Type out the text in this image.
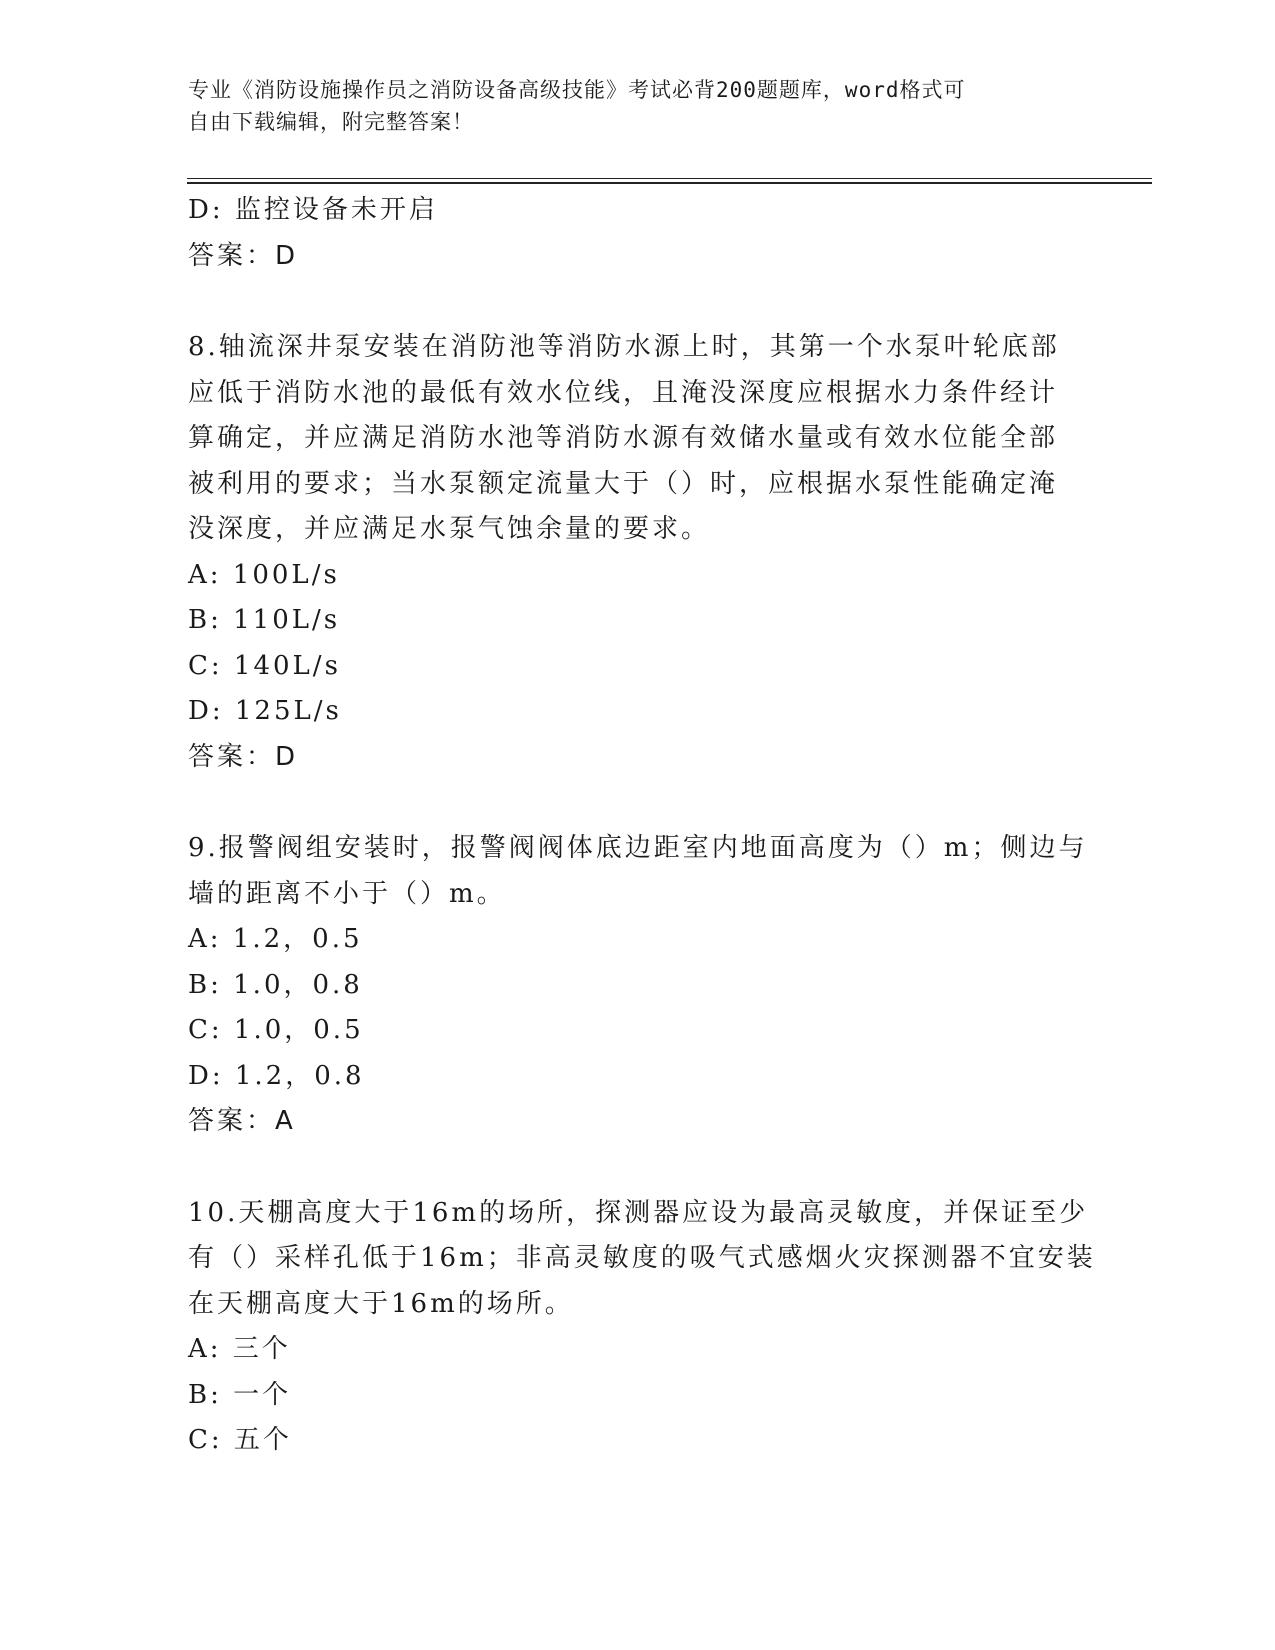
专业《消防设施操作员之消防设备高级技能》考试必背200题题库，word格式可
自由下载编辑，附完整答案！
D: 监控设备未开启
答案：D
8.轴流深井泵安装在消防池等消防水源上时，其第一个水泵叶轮底部
应低于消防水池的最低有效水位线，且淹没深度应根据水力条件经计
算确定，并应满足消防水池等消防水源有效储水量或有效水位能全部
被利用的要求；当水泵额定流量大于（）时，应根据水泵性能确定淹
没深度，并应满足水泵气蚀余量的要求。
A: 100L/s
B: 110L/s
C: 140L/s
D: 125L/s
答案：D
9.报警阀组安装时，报警阀阀体底边距室内地面高度为（）m；侧边与
墙的距离不小于（）m。
A: 1.2，0.5
B: 1.0，0.8
C: 1.0，0.5
D: 1.2，0.8
答案：A
10.天棚高度大于16m的场所，探测器应设为最高灵敏度，并保证至少
有（）采样孔低于16m；非高灵敏度的吸气式感烟火灾探测器不宜安装
在天棚高度大于16m的场所。
A: 三个
B: 一个
C: 五个
